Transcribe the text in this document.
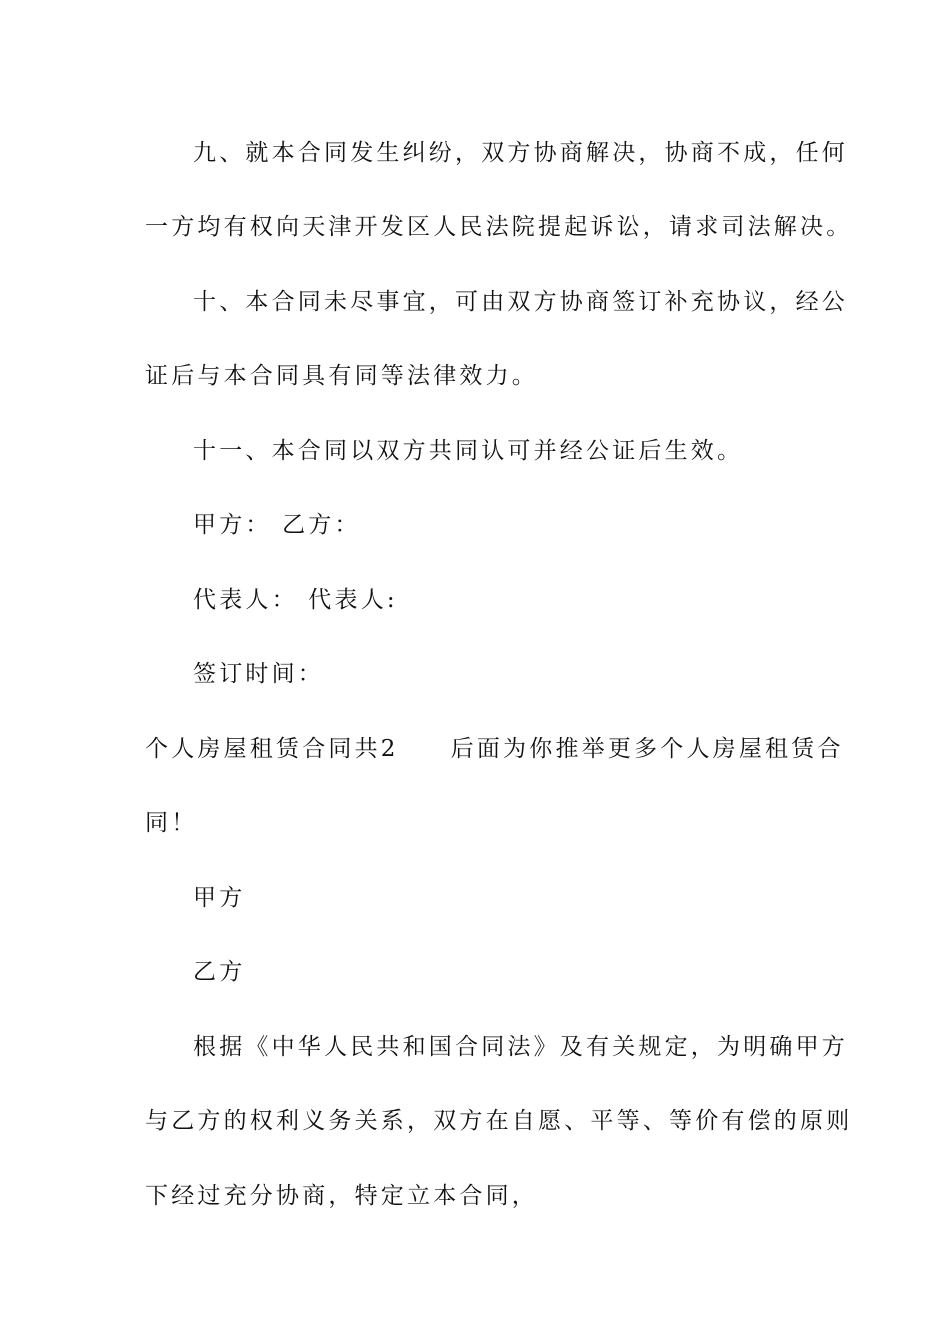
九、就本合同发生纠纷，双方协商解决，协商不成，任何
一方均有权向天津开发区人民法院提起诉讼，请求司法解决。
十、本合同未尽事宜，可由双方协商签订补充协议，经公
证后与本合同具有同等法律效力。
十一、本合同以双方共同认可并经公证后生效。
甲方： 乙方：
代表人： 代表人:
签订时间：
个人房屋租赁合同共2 后面为你推举更多个人房屋租赁合
同！
甲方
乙方
根据《中华人民共和国合同法》及有关规定，为明确甲方
与乙方的权利义务关系，双方在自愿、平等、等价有偿的原则
下经过充分协商，特定立本合同，
